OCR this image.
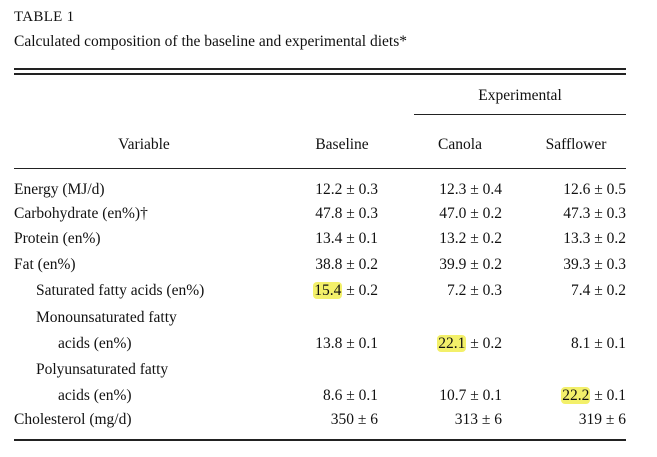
TABLE 1
Calculated composition of the baseline and experimental diets*
Experimental
Variable	Baseline	Canola	Safflower
Energy (MJ/d)	12.2 ± 0.3	12.3 ± 0.4	12.6 ± 0.5
Carbohydrate (en%)†	47.8 ± 0.3	47.0 ± 0.2	47.3 ± 0.3
Protein (en%)	13.4 ± 0.1	13.2 ± 0.2	13.3 ± 0.2
Fat (en%)	38.8 ± 0.2	39.9 ± 0.2	39.3 ± 0.3
Saturated fatty acids (en%)	15.4 ± 0.2	7.2 ± 0.3	7.4 ± 0.2
Monounsaturated fatty
acids (en%)	13.8 ± 0.1	22.1 ± 0.2	8.1 ± 0.1
Polyunsaturated fatty
acids (en%)	8.6 ± 0.1	10.7 ± 0.1	22.2 ± 0.1
Cholesterol (mg/d)	350 ± 6	313 ± 6	319 ± 6
